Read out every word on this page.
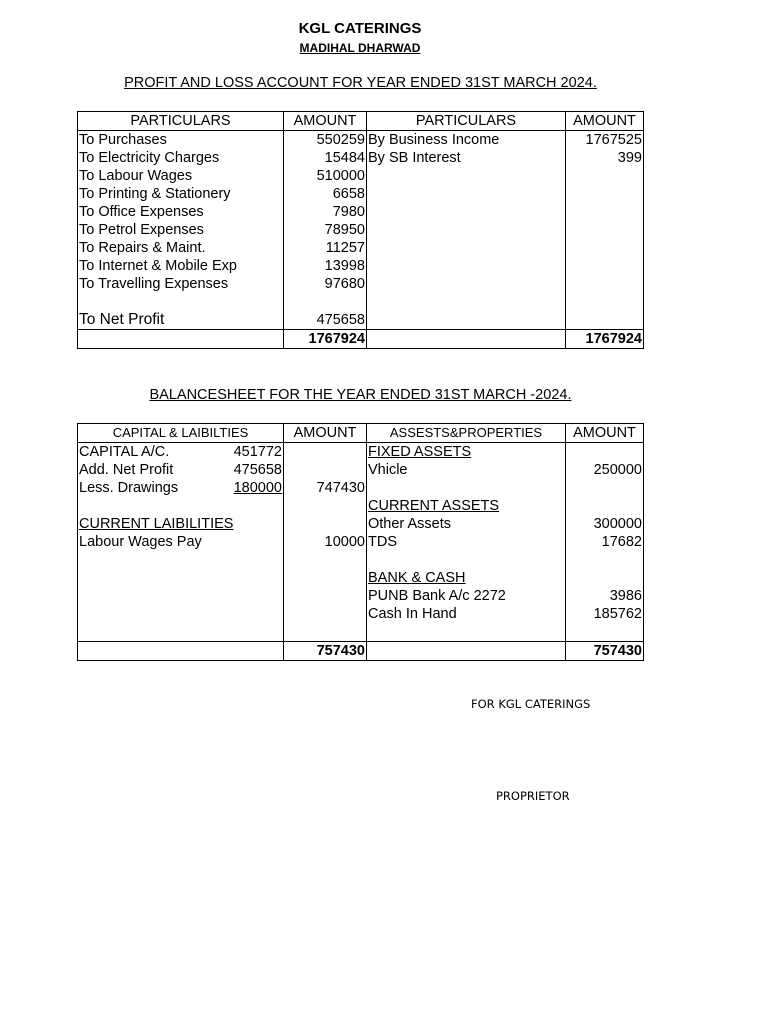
KGL CATERINGS
MADIHAL DHARWAD
PROFIT AND LOSS ACCOUNT FOR YEAR ENDED 31ST MARCH 2024.
PARTICULARS	AMOUNT	PARTICULARS	AMOUNT
To Purchases	550259	By Business Income	1767525
To Electricity Charges	15484	By SB Interest	399
To Labour Wages	510000		
To Printing & Stationery	6658		
To Office Expenses	7980		
To Petrol Expenses	78950		
To Repairs & Maint.	11257		
To Internet & Mobile Exp	13998		
To Travelling Expenses	97680		

To Net Profit	475658		
	1767924		1767924
BALANCESHEET FOR THE YEAR ENDED 31ST MARCH -2024.
CAPITAL & LAIBILTIES	AMOUNT	ASSESTS&PROPERTIES	AMOUNT

CAPITAL A/C. 451772		FIXED ASSETS	

Add. Net Profit 475658		Vhicle	250000

Less. Drawings 180000	747430		
		CURRENT ASSETS	
CURRENT LAIBILITIES		Other Assets	300000
Labour Wages Pay	10000	TDS	17682

		BANK & CASH	
		PUNB Bank A/c 2272	3986
		Cash In Hand	185762

	757430		757430
FOR KGL CATERINGS
PROPRIETOR
